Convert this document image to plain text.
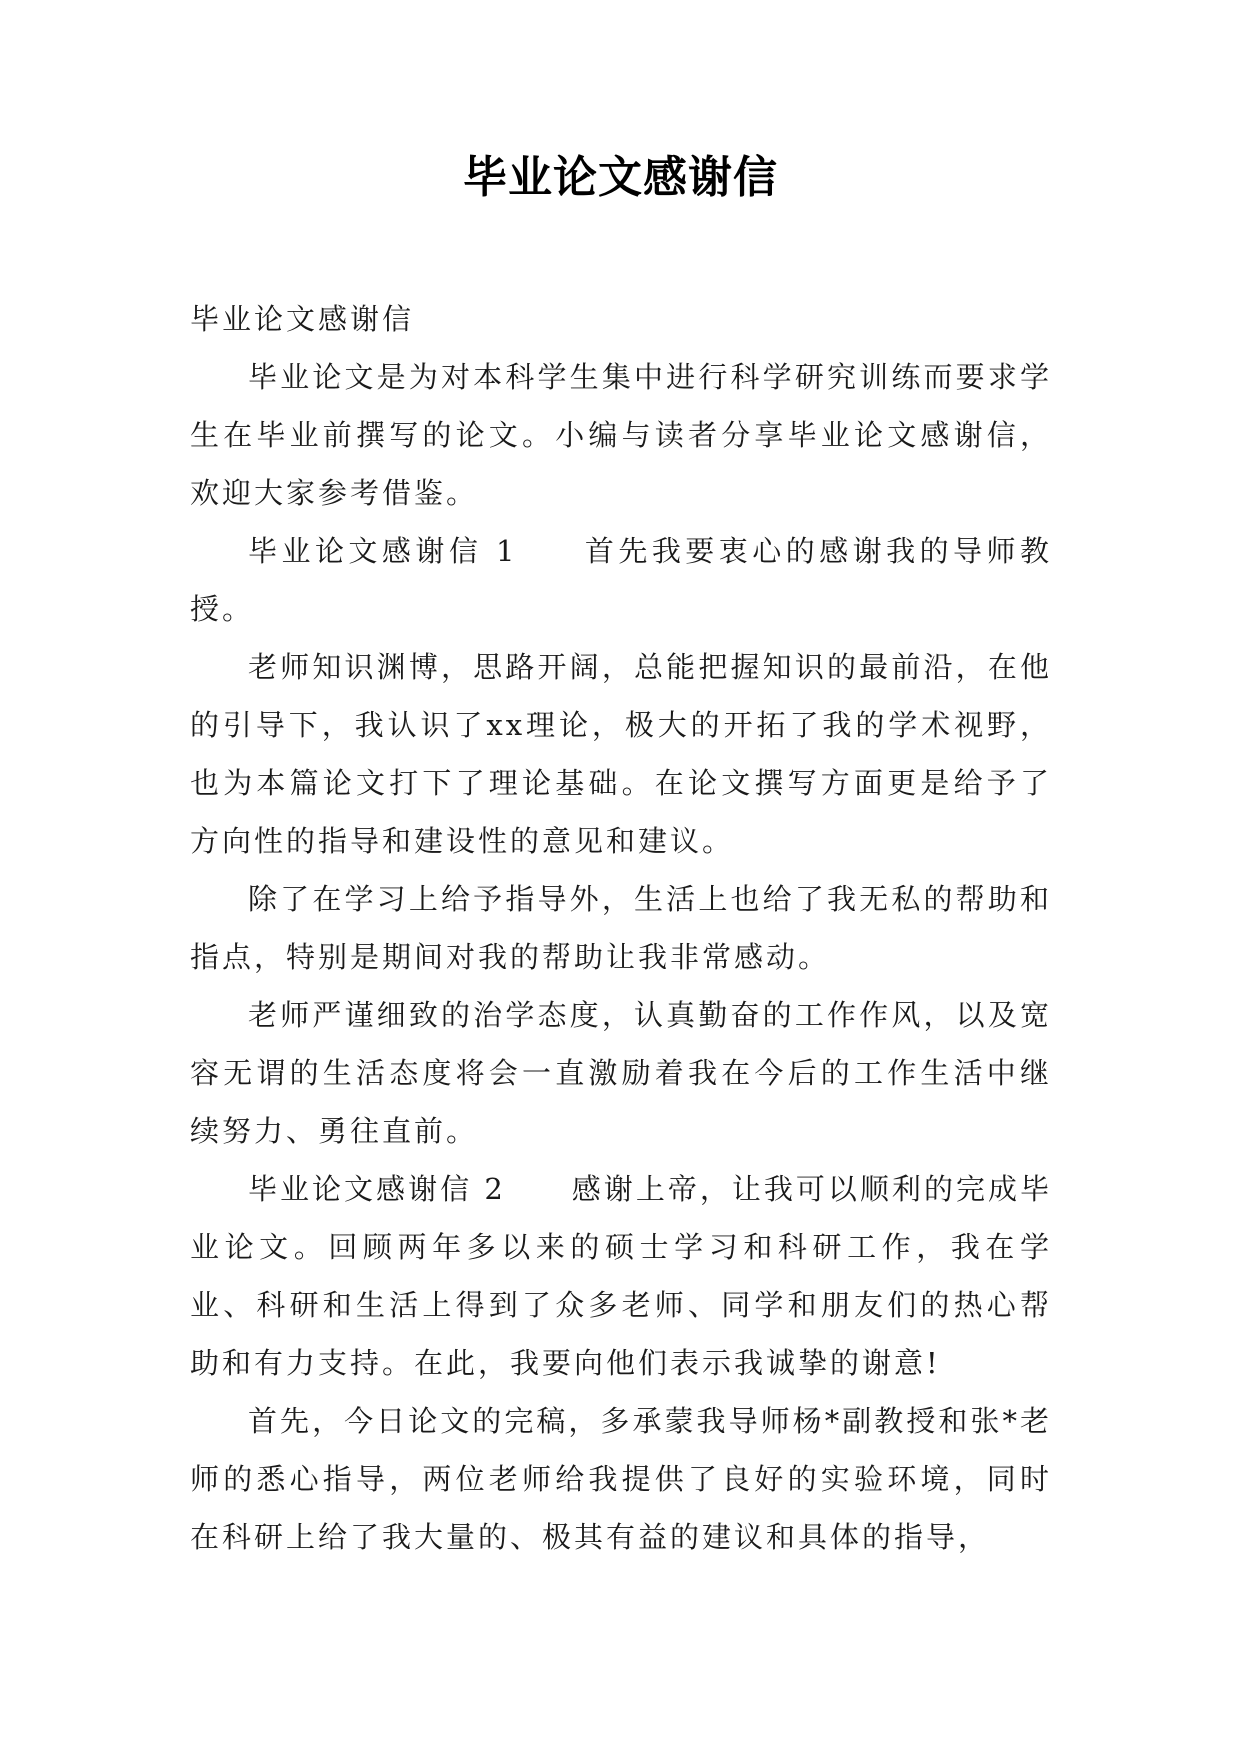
毕业论文感谢信

毕业论文感谢信

毕业论文是为对本科学生集中进行科学研究训练而要求学生在毕业前撰写的论文。小编与读者分享毕业论文感谢信，欢迎大家参考借鉴。

毕业论文感谢信 1 首先我要衷心的感谢我的导师教授。

老师知识渊博，思路开阔，总能把握知识的最前沿，在他的引导下，我认识了xx理论，极大的开拓了我的学术视野，也为本篇论文打下了理论基础。在论文撰写方面更是给予了方向性的指导和建设性的意见和建议。

除了在学习上给予指导外，生活上也给了我无私的帮助和指点，特别是期间对我的帮助让我非常感动。

老师严谨细致的治学态度，认真勤奋的工作作风，以及宽容无谓的生活态度将会一直激励着我在今后的工作生活中继续努力、勇往直前。

毕业论文感谢信 2 感谢上帝，让我可以顺利的完成毕业论文。回顾两年多以来的硕士学习和科研工作，我在学业、科研和生活上得到了众多老师、同学和朋友们的热心帮助和有力支持。在此，我要向他们表示我诚挚的谢意!

首先，今日论文的完稿，多承蒙我导师杨*副教授和张*老师的悉心指导，两位老师给我提供了良好的实验环境，同时在科研上给了我大量的、极其有益的建议和具体的指导，
